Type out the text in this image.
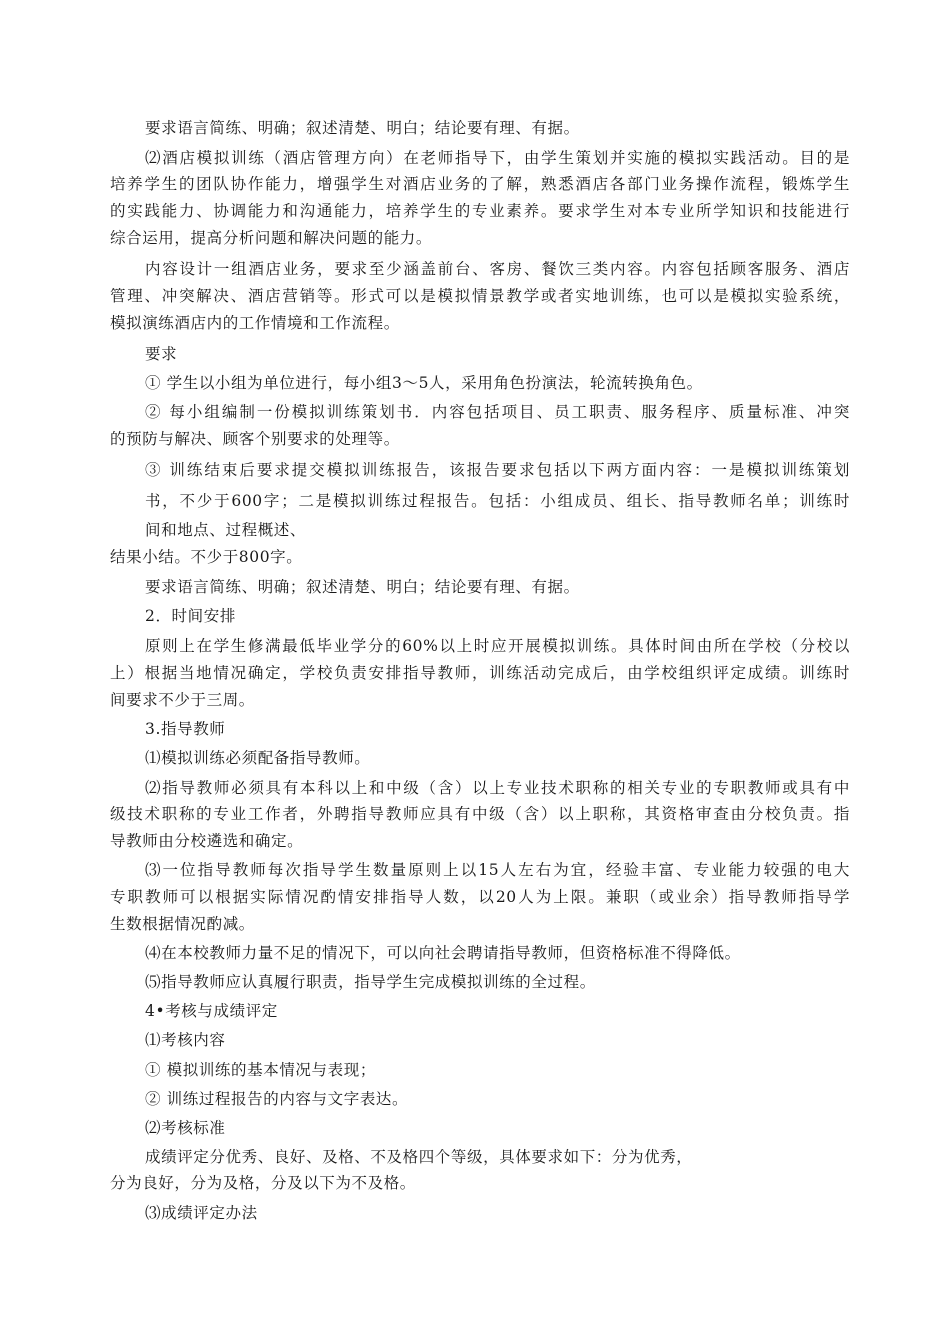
要求语言简练、明确；叙述清楚、明白；结论要有理、有据。
⑵酒店模拟训练（酒店管理方向）在老师指导下，由学生策划并实施的模拟实践活动。目的是
培养学生的团队协作能力，增强学生对酒店业务的了解，熟悉酒店各部门业务操作流程，锻炼学生
的实践能力、协调能力和沟通能力，培养学生的专业素养。要求学生对本专业所学知识和技能进行
综合运用，提高分析问题和解决问题的能力。
内容设计一组酒店业务，要求至少涵盖前台、客房、餐饮三类内容。内容包括顾客服务、酒店
管理、冲突解决、酒店营销等。形式可以是模拟情景教学或者实地训练，也可以是模拟实验系统，
模拟演练酒店内的工作情境和工作流程。
要求
① 学生以小组为单位进行，每小组3〜5人，采用角色扮演法，轮流转换角色。
② 每小组编制一份模拟训练策划书．内容包括项目、员工职责、服务程序、质量标准、冲突
的预防与解决、顾客个别要求的处理等。
③ 训练结束后要求提交模拟训练报告，该报告要求包括以下两方面内容：一是模拟训练策划
书，不少于600字；二是模拟训练过程报告。包括：小组成员、组长、指导教师名单；训练时
间和地点、过程概述、
结果小结。不少于800字。
要求语言简练、明确；叙述清楚、明白；结论要有理、有据。
2．时间安排
原则上在学生修满最低毕业学分的60%以上时应开展模拟训练。具体时间由所在学校（分校以
上）根据当地情况确定，学校负责安排指导教师，训练活动完成后，由学校组织评定成绩。训练时
间要求不少于三周。
3.指导教师
⑴模拟训练必须配备指导教师。
⑵指导教师必须具有本科以上和中级（含）以上专业技术职称的相关专业的专职教师或具有中
级技术职称的专业工作者，外聘指导教师应具有中级（含）以上职称，其资格审查由分校负责。指
导教师由分校遴选和确定。
⑶一位指导教师每次指导学生数量原则上以15人左右为宜，经验丰富、专业能力较强的电大
专职教师可以根据实际情况酌情安排指导人数，以20人为上限。兼职（或业余）指导教师指导学
生数根据情况酌减。
⑷在本校教师力量不足的情况下，可以向社会聘请指导教师，但资格标准不得降低。
⑸指导教师应认真履行职责，指导学生完成模拟训练的全过程。
4•考核与成绩评定
⑴考核内容
① 模拟训练的基本情况与表现；
② 训练过程报告的内容与文字表达。
⑵考核标准
成绩评定分优秀、良好、及格、不及格四个等级，具体要求如下：分为优秀，
分为良好，分为及格，分及以下为不及格。
⑶成绩评定办法
